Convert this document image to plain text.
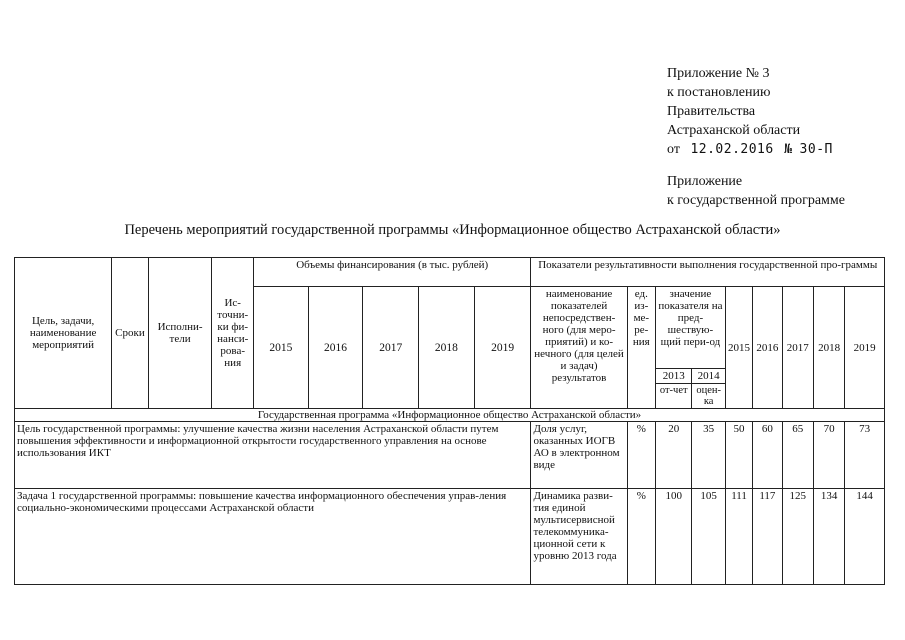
Приложение № 3
к постановлению
Правительства
Астраханской области
от 12.02.2016 № 30-П
Приложение
к государственной программе
Перечень мероприятий государственной программы «Информационное общество Астраханской области»
Цель, задачи, наименование мероприятий	Сроки	Исполни-тели	Ис-точни-ки фи-нанси-рова-ния	Объемы финансирования (в тыс. рублей)					Показатели результативности выполнения государственной про-граммы								
				2015	2016	2017	2018	2019	наименование показателей непосредствен-ного (для меро-приятий) и ко-нечного (для целей и задач) результатов	ед. из-ме-ре-ния	значение показателя на пред-шествую-щий пери-од		2015	2016	2017	2018	2019
											2013	2014					
											от-чет	оцен-ка					
Государственная программа «Информационное общество Астраханской области»																	
Цель государственной программы: улучшение качества жизни населения Астраханской области путем повышения эффективности и информационной открытости государственного управления на основе использования ИКТ									Доля услуг, оказанных ИОГВ АО в электронном виде	%	20	35	50	60	65	70	73
Задача 1 государственной программы: повышение качества информационного обеспечения управ-ления социально-экономическими процессами Астраханской области									Динамика разви-тия единой мультисервисной телекоммуника-ционной сети к уровню 2013 года	%	100	105	111	117	125	134	144
